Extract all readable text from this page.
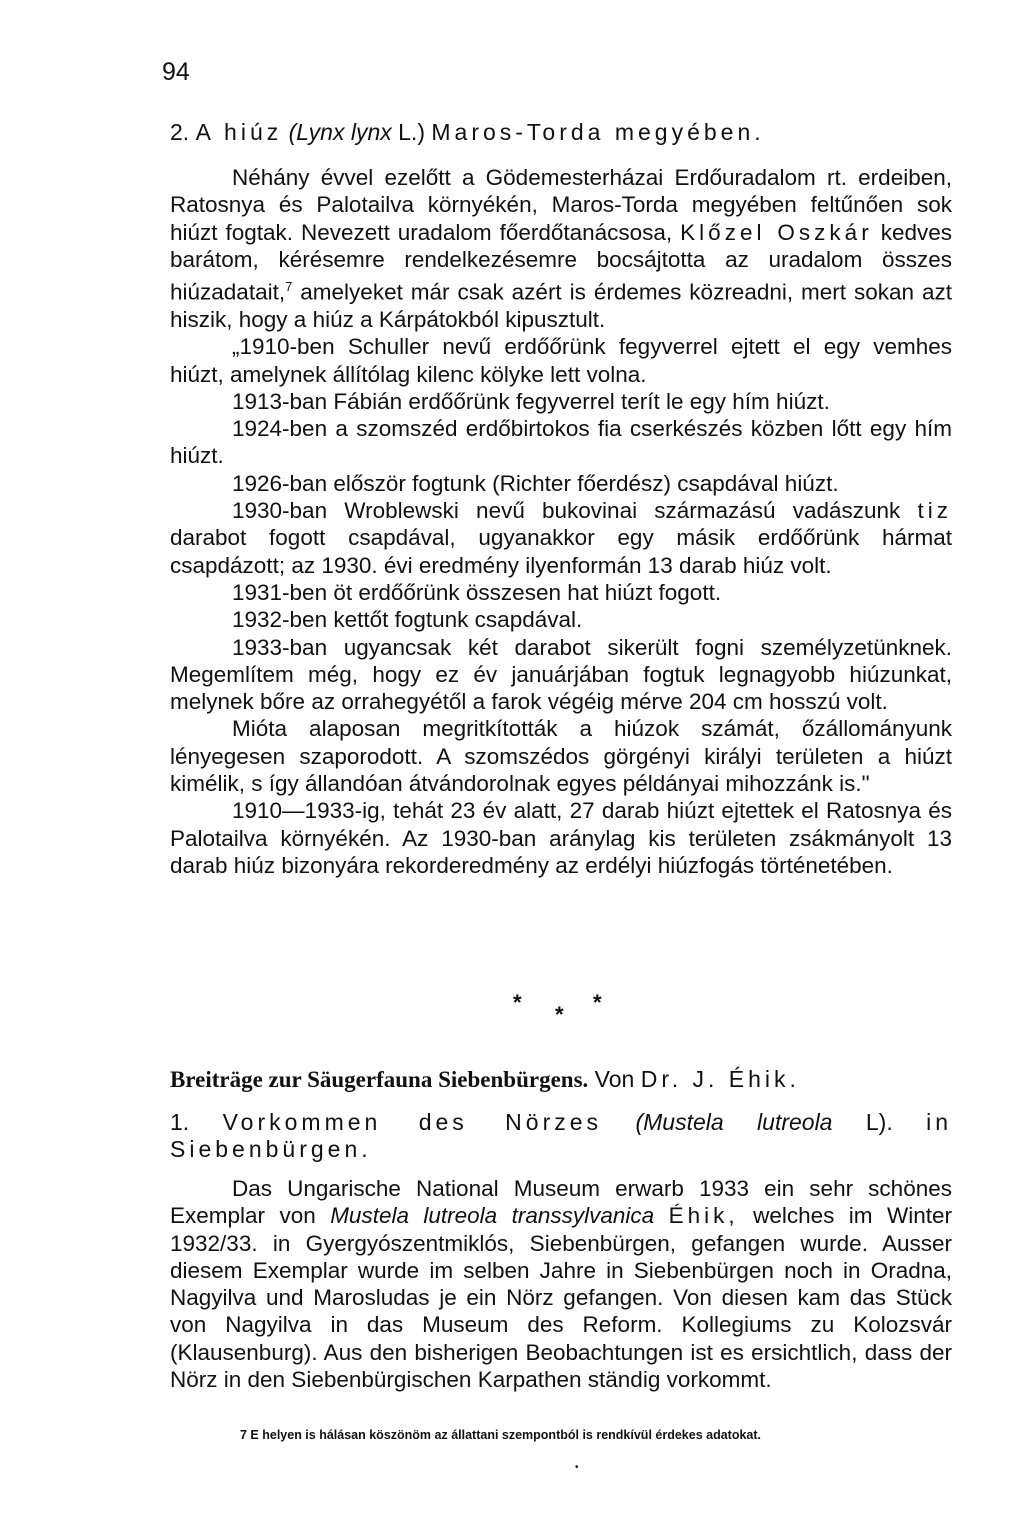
94

2. A hiúz (Lynx lynx L.) Maros-Torda megyében.

Néhány évvel ezelőtt a Gödemesterházai Erdőuradalom rt. erdeiben, Ratosnya és Palotailva környékén, Maros-Torda megyében feltűnően sok hiúzt fogtak. Nevezett uradalom főerdőtanácsosa, Klőzel Oszkár kedves barátom, kérésemre rendelkezésemre bocsájtotta az uradalom összes hiúzadatait,$^7$ amelyeket már csak azért is érdemes közreadni, mert sokan azt hiszik, hogy a hiúz a Kárpátokból kipusztult.

„1910-ben Schuller nevű erdőőrünk fegyverrel ejtett el egy vemhes hiúzt, amelynek állítólag kilenc kölyke lett volna.

1913-ban Fábián erdőőrünk fegyverrel terít le egy hím hiúzt.

1924-ben a szomszéd erdőbirtokos fia cserkészés közben lőtt egy hím hiúzt.

1926-ban először fogtunk (Richter főerdész) csapdával hiúzt.

1930-ban Wroblewski nevű bukovinai származású vadászunk tiz darabot fogott csapdával, ugyanakkor egy másik erdőőrünk hármat csapdázott; az 1930. évi eredmény ilyenformán 13 darab hiúz volt.

1931-ben öt erdőőrünk összesen hat hiúzt fogott.

1932-ben kettőt fogtunk csapdával.

1933-ban ugyancsak két darabot sikerült fogni személyzetünknek. Megemlítem még, hogy ez év januárjában fogtuk legnagyobb hiúzunkat, melynek bőre az orrahegyétől a farok végéig mérve 204 cm hosszú volt.

Mióta alaposan megritkították a hiúzok számát, őzállományunk lényegesen szaporodott. A szomszédos görgényi királyi területen a hiúzt kimélik, s így állandóan átvándorolnak egyes példányai mihozzánk is."

1910—1933-ig, tehát 23 év alatt, 27 darab hiúzt ejtettek el Ratosnya és Palotailva környékén. Az 1930-ban aránylag kis területen zsákmányolt 13 darab hiúz bizonyára rekorderedmény az erdélyi hiúzfogás történetében.

* * *

Breiträge zur Säugerfauna Siebenbürgens. Von Dr. J. Éhik.

1. Vorkommen des Nörzes (Mustela lutreola L). in Siebenbürgen.

Das Ungarische National Museum erwarb 1933 ein sehr schönes Exemplar von Mustela lutreola transsylvanica Éhik, welches im Winter 1932/33. in Gyergyószentmiklós, Siebenbürgen, gefangen wurde. Ausser diesem Exemplar wurde im selben Jahre in Siebenbürgen noch in Oradna, Nagyilva und Marosludas je ein Nörz gefangen. Von diesen kam das Stück von Nagyilva in das Museum des Reform. Kollegiums zu Kolozsvár (Klausenburg). Aus den bisherigen Beobachtungen ist es ersichtlich, dass der Nörz in den Siebenbürgischen Karpathen ständig vorkommt.

7 E helyen is hálásan köszönöm az állattani szempontból is rendkívül érdekes adatokat.
•
